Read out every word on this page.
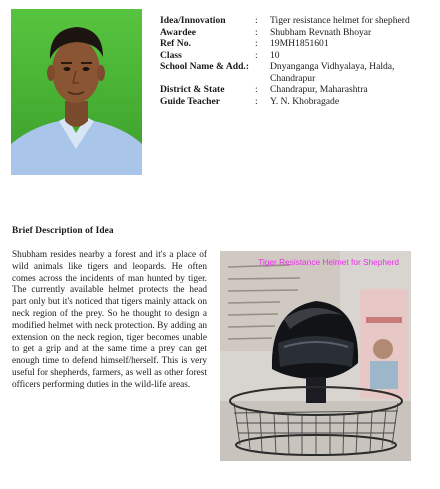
Idea/Innovation	:	Tiger resistance helmet for shepherd
Awardee	:	Shubham Revnath Bhoyar
Ref No.	:	19MH1851601
Class	:	10
School Name & Add.:	Dnyanganga Vidhyalaya, Halda, Chandrapur
District & State	:	Chandrapur, Maharashtra
Guide Teacher	:	Y. N. Khobragade
Brief Description of Idea
Shubham resides nearby a forest and it's a place of wild animals like tigers and leopards. He often comes across the incidents of man hunted by tiger. The currently available helmet protects the head part only but it's noticed that tigers mainly attack on neck region of the prey. So he thought to design a modified helmet with neck protection. By adding an extension on the neck region, tiger becomes unable to get a grip and at the same time a prey can get enough time to defend himself/herself. This is very useful for shepherds, farmers, as well as other forest officers performing duties in the wild-life areas.
Tiger Resistance Helmet for Shepherd
